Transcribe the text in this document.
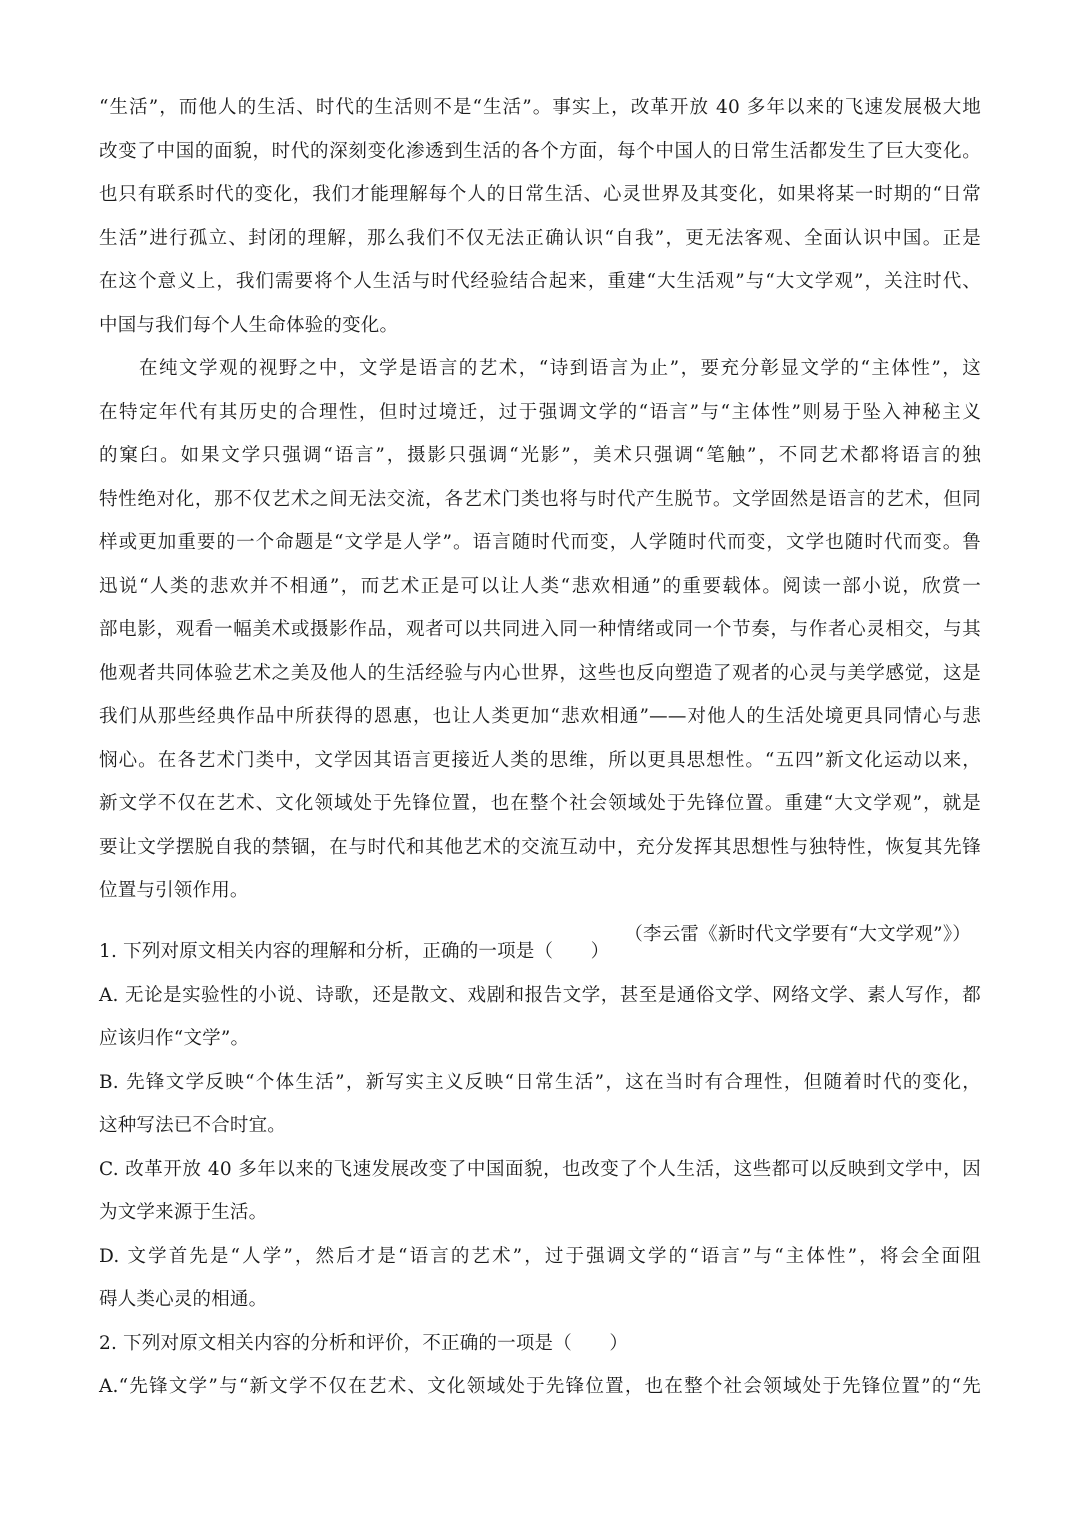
“生活”，而他人的生活、时代的生活则不是“生活”。事实上，改革开放 40 多年以来的飞速发展极大地
改变了中国的面貌，时代的深刻变化渗透到生活的各个方面，每个中国人的日常生活都发生了巨大变化。
也只有联系时代的变化，我们才能理解每个人的日常生活、心灵世界及其变化，如果将某一时期的“日常
生活”进行孤立、封闭的理解，那么我们不仅无法正确认识“自我”，更无法客观、全面认识中国。正是
在这个意义上，我们需要将个人生活与时代经验结合起来，重建“大生活观”与“大文学观”，关注时代、
中国与我们每个人生命体验的变化。
在纯文学观的视野之中，文学是语言的艺术，“诗到语言为止”，要充分彰显文学的“主体性”，这
在特定年代有其历史的合理性，但时过境迁，过于强调文学的“语言”与“主体性”则易于坠入神秘主义
的窠臼。如果文学只强调“语言”，摄影只强调“光影”，美术只强调“笔触”，不同艺术都将语言的独
特性绝对化，那不仅艺术之间无法交流，各艺术门类也将与时代产生脱节。文学固然是语言的艺术，但同
样或更加重要的一个命题是“文学是人学”。语言随时代而变，人学随时代而变，文学也随时代而变。鲁
迅说“人类的悲欢并不相通”，而艺术正是可以让人类“悲欢相通”的重要载体。阅读一部小说，欣赏一
部电影，观看一幅美术或摄影作品，观者可以共同进入同一种情绪或同一个节奏，与作者心灵相交，与其
他观者共同体验艺术之美及他人的生活经验与内心世界，这些也反向塑造了观者的心灵与美学感觉，这是
我们从那些经典作品中所获得的恩惠，也让人类更加“悲欢相通”——对他人的生活处境更具同情心与悲
悯心。在各艺术门类中，文学因其语言更接近人类的思维，所以更具思想性。“五四”新文化运动以来，
新文学不仅在艺术、文化领域处于先锋位置，也在整个社会领域处于先锋位置。重建“大文学观”，就是
要让文学摆脱自我的禁锢，在与时代和其他艺术的交流互动中，充分发挥其思想性与独特性，恢复其先锋
位置与引领作用。
（李云雷《新时代文学要有“大文学观”》）
1. 下列对原文相关内容的理解和分析，正确的一项是（　　）
A. 无论是实验性的小说、诗歌，还是散文、戏剧和报告文学，甚至是通俗文学、网络文学、素人写作，都
应该归作“文学”。
B. 先锋文学反映“个体生活”，新写实主义反映“日常生活”，这在当时有合理性，但随着时代的变化，
这种写法已不合时宜。
C. 改革开放 40 多年以来的飞速发展改变了中国面貌，也改变了个人生活，这些都可以反映到文学中，因
为文学来源于生活。
D. 文学首先是“人学”，然后才是“语言的艺术”，过于强调文学的“语言”与“主体性”，将会全面阻
碍人类心灵的相通。
2. 下列对原文相关内容的分析和评价，不正确的一项是（　　）
A.“先锋文学”与“新文学不仅在艺术、文化领域处于先锋位置，也在整个社会领域处于先锋位置”的“先
